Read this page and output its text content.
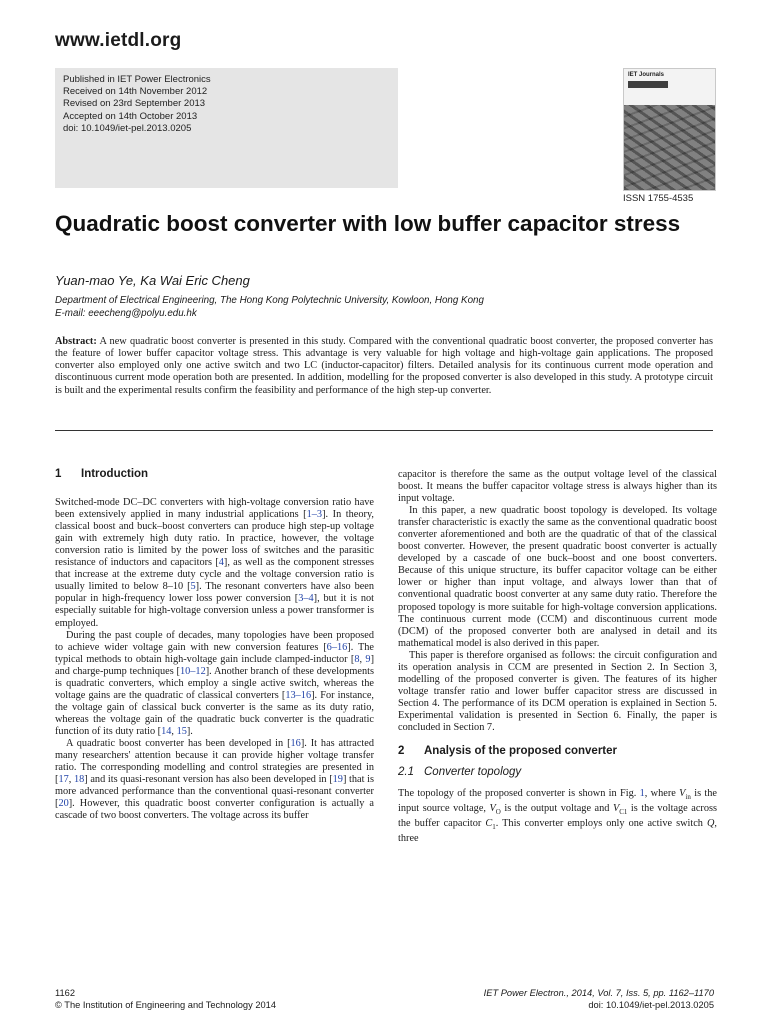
www.ietdl.org
Published in IET Power Electronics
Received on 14th November 2012
Revised on 23rd September 2013
Accepted on 14th October 2013
doi: 10.1049/iet-pel.2013.0205
IET Journals
ISSN 1755-4535
Quadratic boost converter with low buffer capacitor stress
Yuan-mao Ye, Ka Wai Eric Cheng
Department of Electrical Engineering, The Hong Kong Polytechnic University, Kowloon, Hong Kong
E-mail: eeecheng@polyu.edu.hk
Abstract: A new quadratic boost converter is presented in this study. Compared with the conventional quadratic boost converter, the proposed converter has the feature of lower buffer capacitor voltage stress. This advantage is very valuable for high voltage and high-voltage gain applications. The proposed converter also employed only one active switch and two LC (inductor-capacitor) filters. Detailed analysis for its continuous current mode operation and discontinuous current mode operation both are presented. In addition, modelling for the proposed converter is also developed in this study. A prototype circuit is built and the experimental results confirm the feasibility and performance of the high step-up converter.
1 Introduction

Switched-mode DC–DC converters with high-voltage conversion ratio have been extensively applied in many industrial applications [1–3]. In theory, classical boost and buck–boost converters can produce high step-up voltage gain with extremely high duty ratio. In practice, however, the voltage conversion ratio is limited by the power loss of switches and the parasitic resistance of inductors and capacitors [4], as well as the component stresses that increase at the extreme duty cycle and the voltage conversion ratio is usually limited to below 8–10 [5]. The resonant converters have also been popular in high-frequency lower loss power conversion [3–4], but it is not especially suitable for high-voltage conversion unless a power transformer is employed.

During the past couple of decades, many topologies have been proposed to achieve wider voltage gain with new conversion features [6–16]. The typical methods to obtain high-voltage gain include clamped-inductor [8, 9] and charge-pump techniques [10–12]. Another branch of these developments is quadratic converters, which employ a single active switch, whereas the voltage gains are the quadratic of classical converters [13–16]. For instance, the voltage gain of classical buck converter is the same as its duty ratio, whereas the voltage gain of the quadratic buck converter is the quadratic function of its duty ratio [14, 15].

A quadratic boost converter has been developed in [16]. It has attracted many researchers' attention because it can provide higher voltage transfer ratio. The corresponding modelling and control strategies are presented in [17, 18] and its quasi-resonant version has also been developed in [19] that is more advanced performance than the conventional quasi-resonant converter [20]. However, this quadratic boost converter configuration is actually a cascade of two boost converters. The voltage across its buffer

capacitor is therefore the same as the output voltage level of the classical boost. It means the buffer capacitor voltage stress is always higher than its input voltage.

In this paper, a new quadratic boost topology is developed. Its voltage transfer characteristic is exactly the same as the conventional quadratic boost converter aforementioned and both are the quadratic of that of the classical boost converter. However, the present quadratic boost converter is actually developed by a cascade of one buck–boost and one boost converters. Because of this unique structure, its buffer capacitor voltage can be either lower or higher than input voltage, and always lower than that of conventional quadratic boost converter at any same duty ratio. Therefore the proposed topology is more suitable for high-voltage conversion applications. The continuous current mode (CCM) and discontinuous current mode (DCM) of the proposed converter both are analysed in detail and its mathematical model is also derived in this paper.

This paper is therefore organised as follows: the circuit configuration and its operation analysis in CCM are presented in Section 2. In Section 3, modelling of the proposed converter is given. The features of its higher voltage transfer ratio and lower buffer capacitor stress are discussed in Section 4. The performance of its DCM operation is explained in Section 5. Experimental validation is presented in Section 6. Finally, the paper is concluded in Section 7.

2 Analysis of the proposed converter
2.1 Converter topology

The topology of the proposed converter is shown in Fig. 1, where $V_{in}$ is the input source voltage, $V_O$ is the output voltage and $V_{C1}$ is the voltage across the buffer capacitor $C_1$. This converter employs only one active switch Q, three

1162
© The Institution of Engineering and Technology 2014
IET Power Electron., 2014, Vol. 7, Iss. 5, pp. 1162–1170
doi: 10.1049/iet-pel.2013.0205
